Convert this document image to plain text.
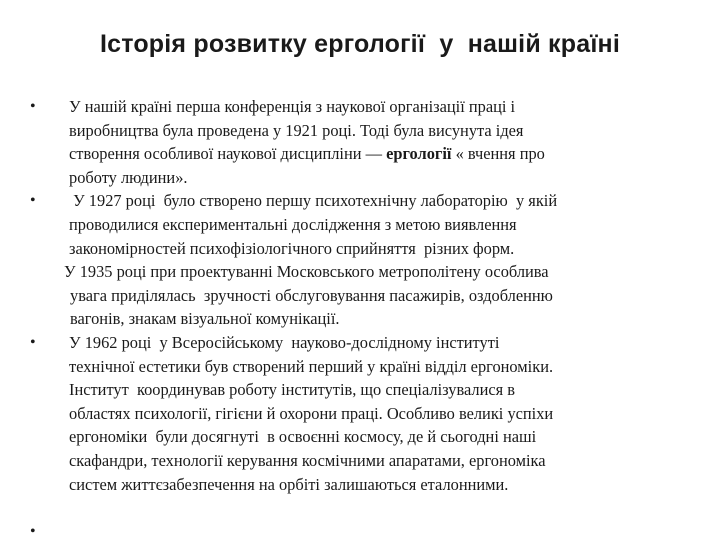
Історія розвитку ергології  у  нашій країні
•	У нашій країні перша конференція з наукової організації праці і
виробництва була проведена у 1921 році. Тоді була висунута ідея
створення особливої наукової дисципліни — ергології « вчення про
роботу людини».
•	У 1927 році  було створено першу психотехнічну лабораторію  у якій
проводилися експериментальні дослідження з метою виявлення
закономірностей психофізіологічного сприйняття  різних форм.
У 1935 році при проектуванні Московського метрополітену особлива
увага приділялась  зручності обслуговування пасажирів, оздобленню
вагонів, знакам візуальної комунікації.
•	У 1962 році  у Всеросійському  науково-дослідному інституті
технічної естетики був створений перший у країні відділ ергономіки.
Інститут  координував роботу інститутів, що спеціалізувалися в
областях психології, гігієни й охорони праці. Особливо великі успіхи
ергономіки  були досягнуті  в освоєнні космосу, де й сьогодні наші
скафандри, технології керування космічними апаратами, ергономіка
систем життєзабезпечення на орбіті залишаються еталонними.
•
